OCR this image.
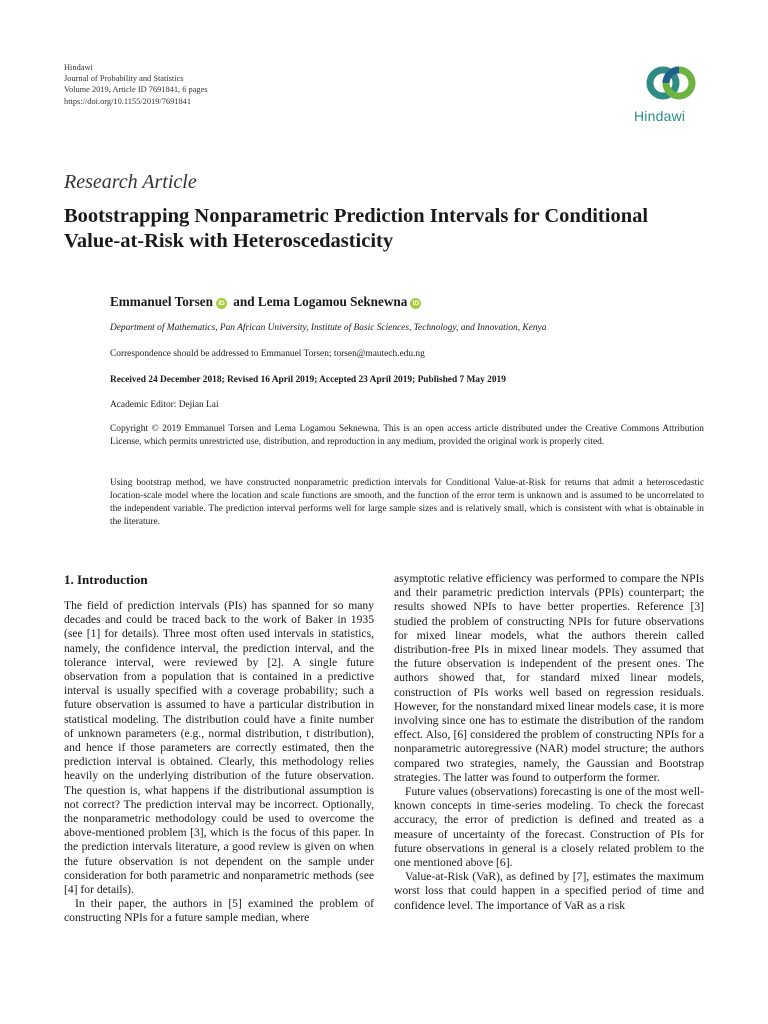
Hindawi
Journal of Probability and Statistics
Volume 2019, Article ID 7691841, 6 pages
https://doi.org/10.1155/2019/7691841
Hindawi
Research Article
Bootstrapping Nonparametric Prediction Intervals for Conditional Value-at-Risk with Heteroscedasticity
Emmanuel Torsen iD and Lema Logamou Seknewna iD
Department of Mathematics, Pan African University, Institute of Basic Sciences, Technology, and Innovation, Kenya
Correspondence should be addressed to Emmanuel Torsen; torsen@mautech.edu.ng
Received 24 December 2018; Revised 16 April 2019; Accepted 23 April 2019; Published 7 May 2019
Academic Editor: Dejian Lai
Copyright © 2019 Emmanuel Torsen and Lema Logamou Seknewna. This is an open access article distributed under the Creative Commons Attribution License, which permits unrestricted use, distribution, and reproduction in any medium, provided the original work is properly cited.
Using bootstrap method, we have constructed nonparametric prediction intervals for Conditional Value-at-Risk for returns that admit a heteroscedastic location-scale model where the location and scale functions are smooth, and the function of the error term is unknown and is assumed to be uncorrelated to the independent variable. The prediction interval performs well for large sample sizes and is relatively small, which is consistent with what is obtainable in the literature.
1. Introduction

The field of prediction intervals (PIs) has spanned for so many decades and could be traced back to the work of Baker in 1935 (see [1] for details). Three most often used intervals in statistics, namely, the confidence interval, the prediction interval, and the tolerance interval, were reviewed by [2]. A single future observation from a population that is contained in a predictive interval is usually specified with a coverage probability; such a future observation is assumed to have a particular distribution in statistical modeling. The distribution could have a finite number of unknown parameters (e.g., normal distribution, t distribution), and hence if those parameters are correctly estimated, then the prediction interval is obtained. Clearly, this methodology relies heavily on the underlying distribution of the future observation. The question is, what happens if the distributional assumption is not correct? The prediction interval may be incorrect. Optionally, the nonparametric methodology could be used to overcome the above-mentioned problem [3], which is the focus of this paper. In the prediction intervals literature, a good review is given on when the future observation is not dependent on the sample under consideration for both parametric and nonparametric methods (see [4] for details).

In their paper, the authors in [5] examined the problem of constructing NPIs for a future sample median, where

asymptotic relative efficiency was performed to compare the NPIs and their parametric prediction intervals (PPIs) counterpart; the results showed NPIs to have better properties. Reference [3] studied the problem of constructing NPIs for future observations for mixed linear models, what the authors therein called distribution-free PIs in mixed linear models. They assumed that the future observation is independent of the present ones. The authors showed that, for standard mixed linear models, construction of PIs works well based on regression residuals. However, for the nonstandard mixed linear models case, it is more involving since one has to estimate the distribution of the random effect. Also, [6] considered the problem of constructing NPIs for a nonparametric autoregressive (NAR) model structure; the authors compared two strategies, namely, the Gaussian and Bootstrap strategies. The latter was found to outperform the former.

Future values (observations) forecasting is one of the most well-known concepts in time-series modeling. To check the forecast accuracy, the error of prediction is defined and treated as a measure of uncertainty of the forecast. Construction of PIs for future observations in general is a closely related problem to the one mentioned above [6].

Value-at-Risk (VaR), as defined by [7], estimates the maximum worst loss that could happen in a specified period of time and confidence level. The importance of VaR as a risk
